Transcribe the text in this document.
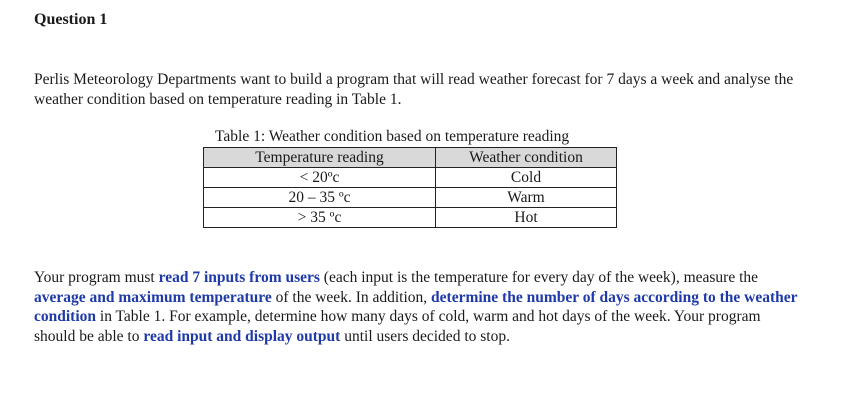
Question 1
Perlis Meteorology Departments want to build a program that will read weather forecast for 7 days a week and analyse the weather condition based on temperature reading in Table 1.
Table 1: Weather condition based on temperature reading
Temperature reading	Weather condition
< 20ºc	Cold
20 – 35 ºc	Warm
> 35 ºc	Hot
Your program must read 7 inputs from users (each input is the temperature for every day of the week), measure the average and maximum temperature of the week. In addition, determine the number of days according to the weather condition in Table 1. For example, determine how many days of cold, warm and hot days of the week. Your program should be able to read input and display output until users decided to stop.
